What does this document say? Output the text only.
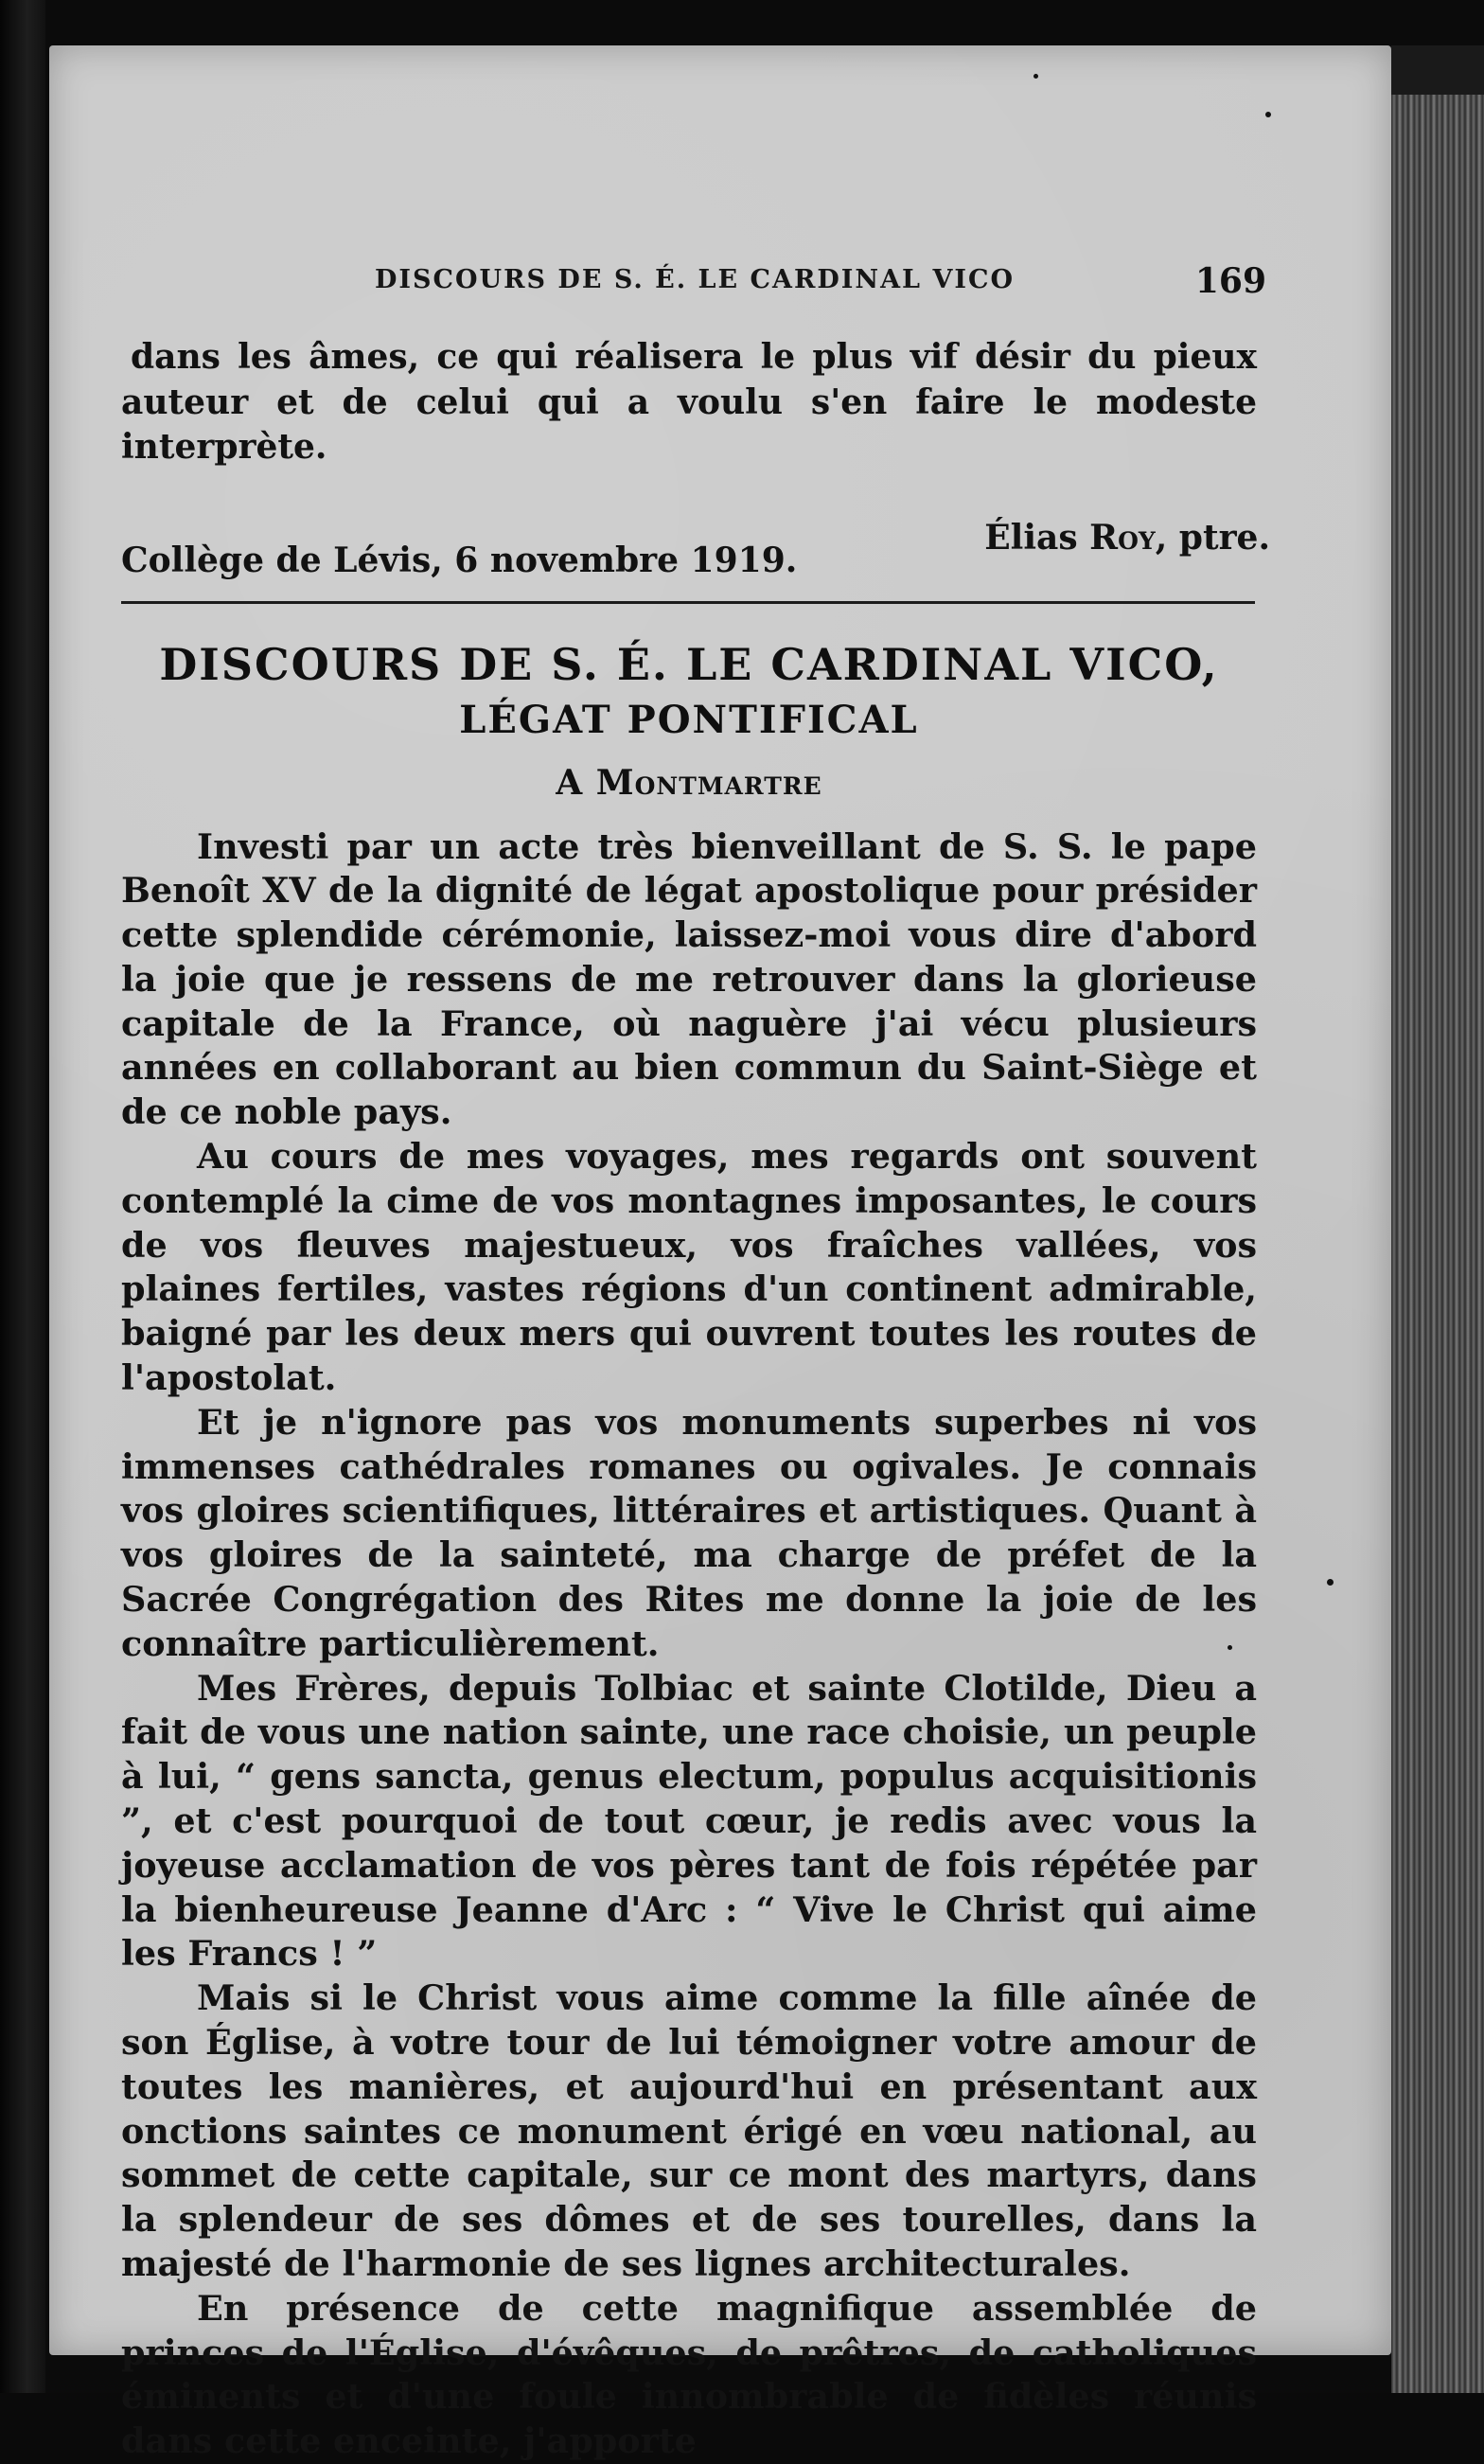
DISCOURS DE S. É. LE CARDINAL VICO	169

dans les âmes, ce qui réalisera le plus vif désir du pieux auteur et de celui qui a voulu s'en faire le modeste interprète.

Élias Roy, ptre.
Collège de Lévis, 6 novembre 1919.
DISCOURS DE S. É. LE CARDINAL VICO,
LÉGAT PONTIFICAL
A Montmartre

Investi par un acte très bienveillant de S. S. le pape Benoît XV de la dignité de légat apostolique pour présider cette splendide cérémonie, laissez-moi vous dire d'abord la joie que je ressens de me retrouver dans la glorieuse capitale de la France, où naguère j'ai vécu plusieurs années en collaborant au bien commun du Saint-Siège et de ce noble pays.

Au cours de mes voyages, mes regards ont souvent contemplé la cime de vos montagnes imposantes, le cours de vos fleuves majestueux, vos fraîches vallées, vos plaines fertiles, vastes régions d'un continent admirable, baigné par les deux mers qui ouvrent toutes les routes de l'apostolat.

Et je n'ignore pas vos monuments superbes ni vos immenses cathédrales romanes ou ogivales. Je connais vos gloires scientifiques, littéraires et artistiques. Quant à vos gloires de la sainteté, ma charge de préfet de la Sacrée Congrégation des Rites me donne la joie de les connaître particulièrement.

Mes Frères, depuis Tolbiac et sainte Clotilde, Dieu a fait de vous une nation sainte, une race choisie, un peuple à lui, “ gens sancta, genus electum, populus acquisitionis ”, et c'est pourquoi de tout cœur, je redis avec vous la joyeuse acclamation de vos pères tant de fois répétée par la bienheureuse Jeanne d'Arc : “ Vive le Christ qui aime les Francs ! ”

Mais si le Christ vous aime comme la fille aînée de son Église, à votre tour de lui témoigner votre amour de toutes les manières, et aujourd'hui en présentant aux onctions saintes ce monument érigé en vœu national, au sommet de cette capitale, sur ce mont des martyrs, dans la splendeur de ses dômes et de ses tourelles, dans la majesté de l'harmonie de ses lignes architecturales.

En présence de cette magnifique assemblée de princes de l'Église, d'évêques, de prêtres, de catholiques éminents et d'une foule innombrable de fidèles réunis dans cette enceinte, j'apporte
